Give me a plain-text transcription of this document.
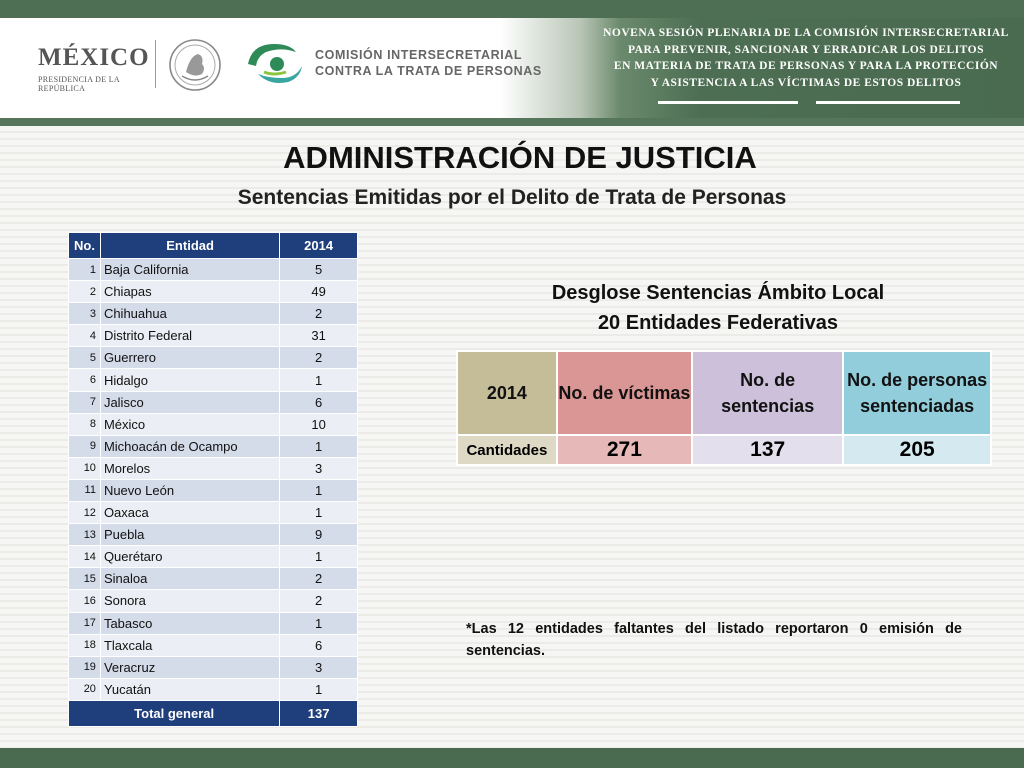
MÉXICO
PRESIDENCIA DE LA REPÚBLICA
COMISIÓN INTERSECRETARIAL
CONTRA LA TRATA DE PERSONAS
NOVENA SESIÓN PLENARIA DE LA COMISIÓN INTERSECRETARIAL
PARA PREVENIR, SANCIONAR Y ERRADICAR LOS DELITOS
EN MATERIA DE TRATA DE PERSONAS Y PARA LA PROTECCIÓN
Y ASISTENCIA A LAS VÍCTIMAS DE ESTOS DELITOS
ADMINISTRACIÓN DE JUSTICIA
Sentencias Emitidas por el Delito de Trata de Personas
No.	Entidad	2014
1	Baja California	5
2	Chiapas	49
3	Chihuahua	2
4	Distrito Federal	31
5	Guerrero	2
6	Hidalgo	1
7	Jalisco	6
8	México	10
9	Michoacán de Ocampo	1
10	Morelos	3
11	Nuevo León	1
12	Oaxaca	1
13	Puebla	9
14	Querétaro	1
15	Sinaloa	2
16	Sonora	2
17	Tabasco	1
18	Tlaxcala	6
19	Veracruz	3
20	Yucatán	1
Total general		137
Desglose Sentencias Ámbito Local
20 Entidades Federativas
2014	No. de víctimas	No. de sentencias	No. de personas sentenciadas
Cantidades	271	137	205
*Las 12 entidades faltantes del listado reportaron 0 emisión de sentencias.
